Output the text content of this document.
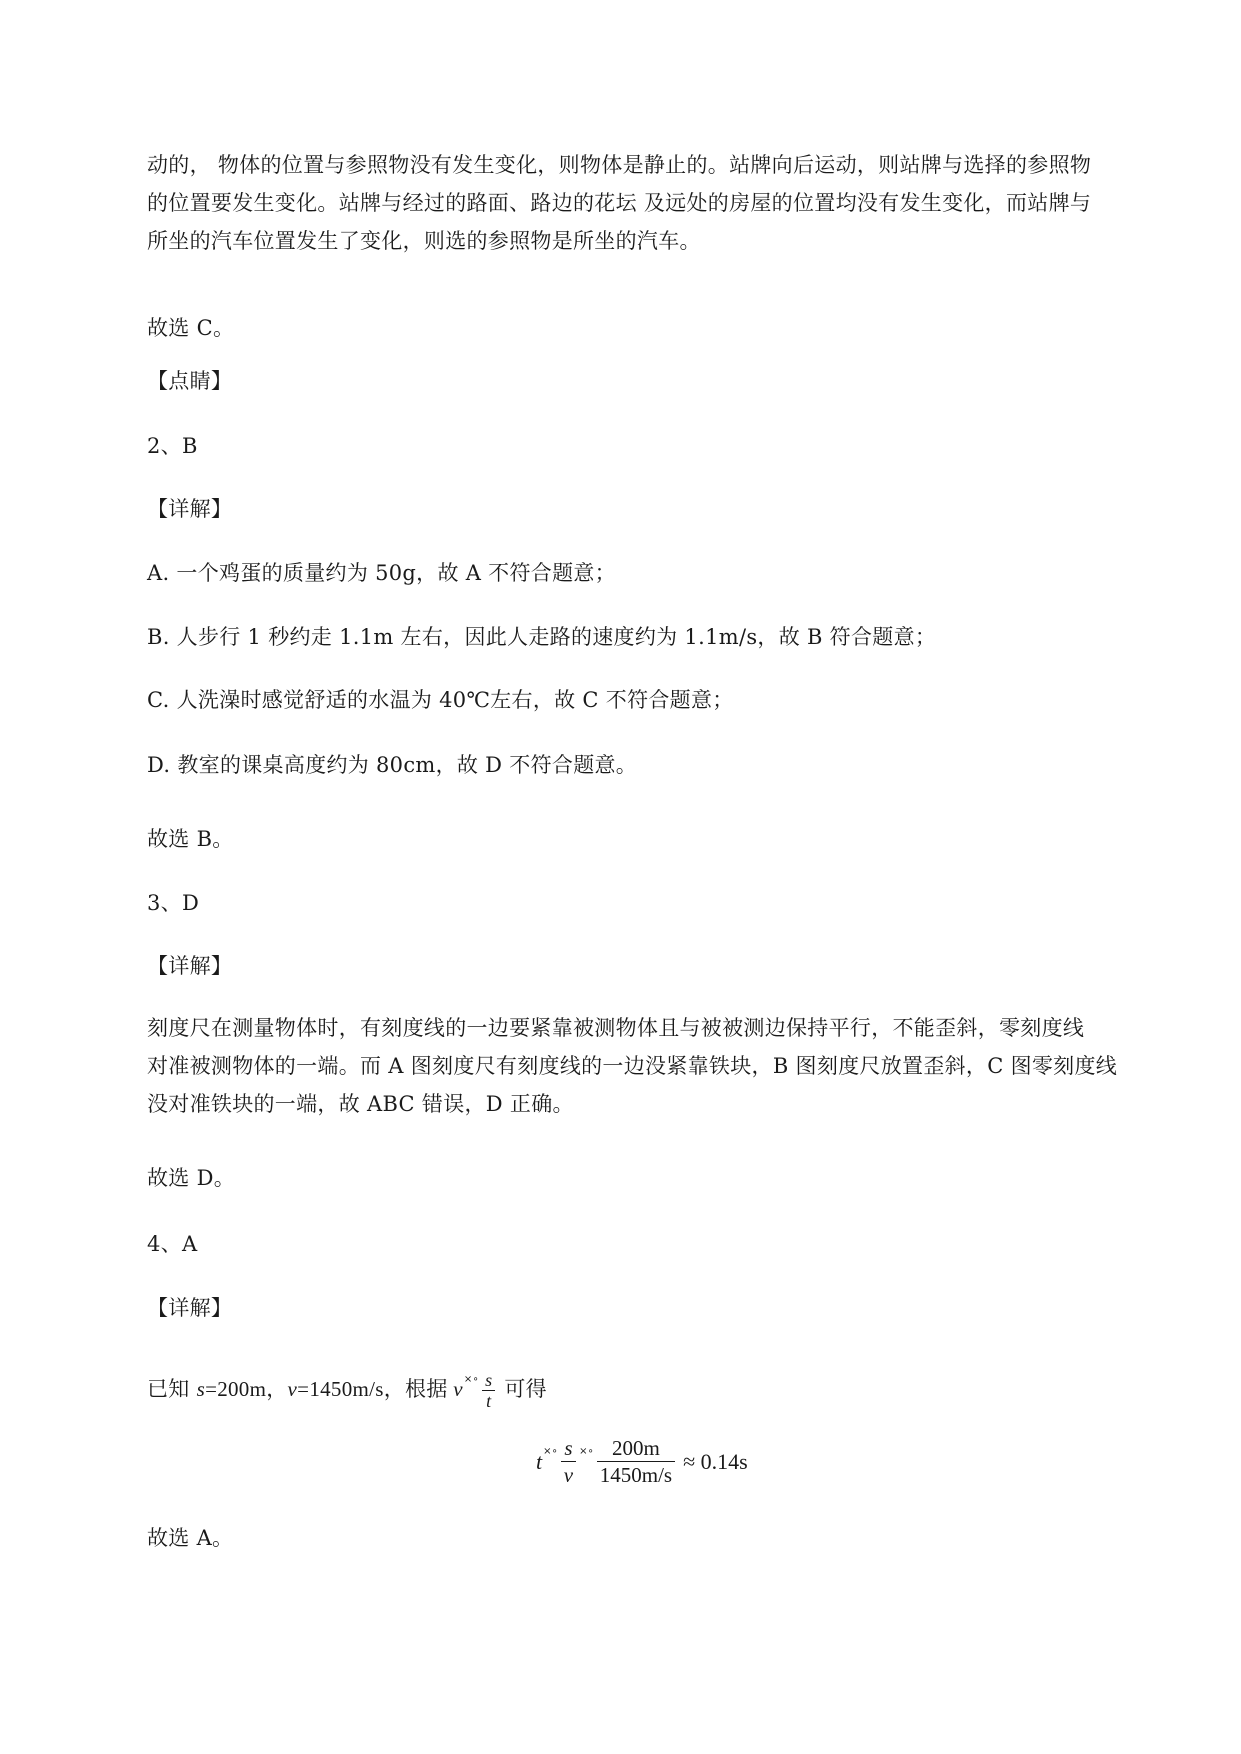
动的， 物体的位置与参照物没有发生变化，则物体是静止的。站牌向后运动，则站牌与选择的参照物
的位置要发生变化。站牌与经过的路面、路边的花坛 及远处的房屋的位置均没有发生变化，而站牌与
所坐的汽车位置发生了变化，则选的参照物是所坐的汽车。
故选 C。
【点睛】
2、B
【详解】
A. 一个鸡蛋的质量约为 50g，故 A 不符合题意；
B. 人步行 1 秒约走 1.1m 左右，因此人走路的速度约为 1.1m/s，故 B 符合题意；
C. 人洗澡时感觉舒适的水温为 40℃左右，故 C 不符合题意；
D. 教室的课桌高度约为 80cm，故 D 不符合题意。
故选 B。
3、D
【详解】
刻度尺在测量物体时，有刻度线的一边要紧靠被测物体且与被被测边保持平行，不能歪斜，零刻度线
对准被测物体的一端。而 A 图刻度尺有刻度线的一边没紧靠铁块，B 图刻度尺放置歪斜，C 图零刻度线
没对准铁块的一端，故 ABC 错误，D 正确。
故选 D。
4、A
【详解】
已知 s=200m，v=1450m/s，根据 $v^{\times\circ} \frac{s}{t}$ 可得
t ×∘ $\frac{s}{v}$ ×∘ $\frac{200m}{1450m/s} \approx 0.14s$
故选 A。
